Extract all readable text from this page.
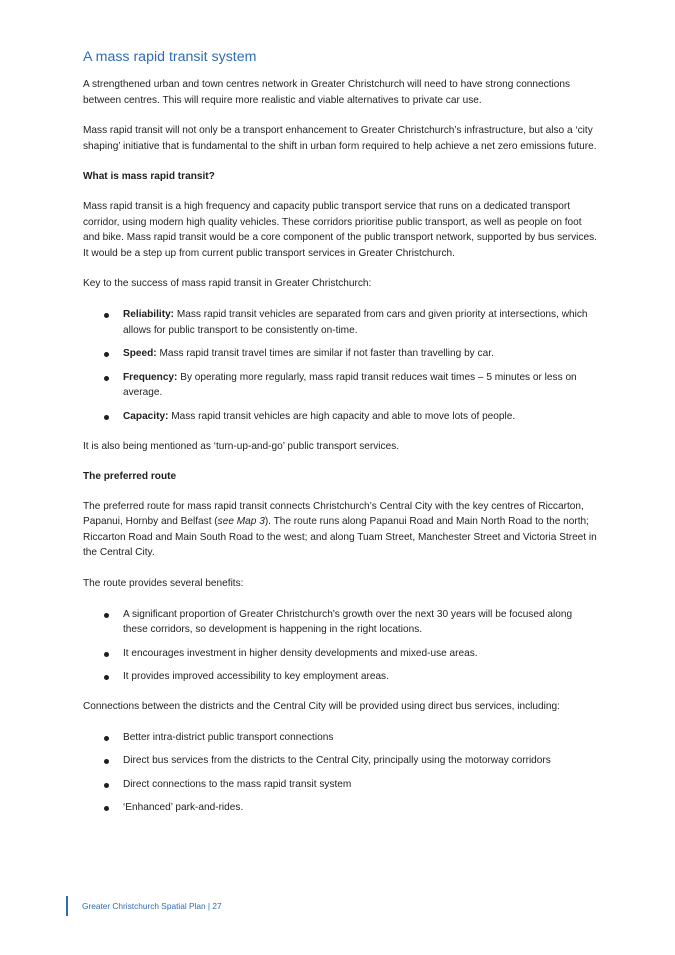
A mass rapid transit system

A strengthened urban and town centres network in Greater Christchurch will need to have strong connections between centres. This will require more realistic and viable alternatives to private car use.

Mass rapid transit will not only be a transport enhancement to Greater Christchurch’s infrastructure, but also a ‘city shaping’ initiative that is fundamental to the shift in urban form required to help achieve a net zero emissions future.

What is mass rapid transit?

Mass rapid transit is a high frequency and capacity public transport service that runs on a dedicated transport corridor, using modern high quality vehicles. These corridors prioritise public transport, as well as people on foot and bike. Mass rapid transit would be a core component of the public transport network, supported by bus services. It would be a step up from current public transport services in Greater Christchurch.

Key to the success of mass rapid transit in Greater Christchurch:

Reliability: Mass rapid transit vehicles are separated from cars and given priority at intersections, which allows for public transport to be consistently on-time.
Speed: Mass rapid transit travel times are similar if not faster than travelling by car.
Frequency: By operating more regularly, mass rapid transit reduces wait times – 5 minutes or less on average.
Capacity: Mass rapid transit vehicles are high capacity and able to move lots of people.

It is also being mentioned as ‘turn-up-and-go’ public transport services.

The preferred route

The preferred route for mass rapid transit connects Christchurch’s Central City with the key centres of Riccarton, Papanui, Hornby and Belfast (see Map 3). The route runs along Papanui Road and Main North Road to the north; Riccarton Road and Main South Road to the west; and along Tuam Street, Manchester Street and Victoria Street in the Central City.

The route provides several benefits:

A significant proportion of Greater Christchurch's growth over the next 30 years will be focused along these corridors, so development is happening in the right locations.
It encourages investment in higher density developments and mixed-use areas.
It provides improved accessibility to key employment areas.

Connections between the districts and the Central City will be provided using direct bus services, including:

Better intra-district public transport connections
Direct bus services from the districts to the Central City, principally using the motorway corridors
Direct connections to the mass rapid transit system
‘Enhanced’ park-and-rides.
Greater Christchurch Spatial Plan | 27
